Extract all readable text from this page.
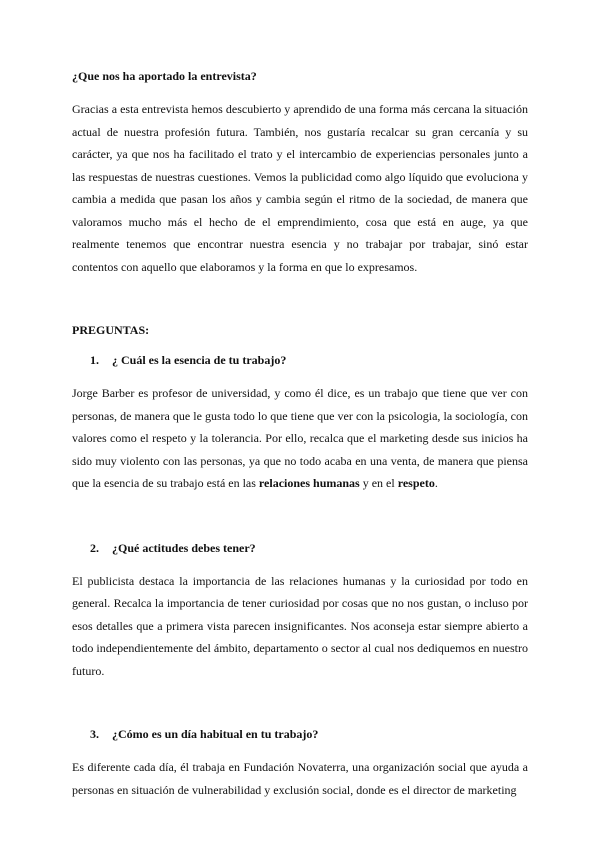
¿Que nos ha aportado la entrevista?

Gracias a esta entrevista hemos descubierto y aprendido de una forma más cercana la situación actual de nuestra profesión futura. También, nos gustaría recalcar su gran cercanía y su carácter, ya que nos ha facilitado el trato y el intercambio de experiencias personales junto a las respuestas de nuestras cuestiones. Vemos la publicidad como algo líquido que evoluciona y cambia a medida que pasan los años y cambia según el ritmo de la sociedad, de manera que valoramos mucho más el hecho de el emprendimiento, cosa que está en auge, ya que realmente tenemos que encontrar nuestra esencia y no trabajar por trabajar, sinó estar contentos con aquello que elaboramos y la forma en que lo expresamos.

PREGUNTAS:
1.	¿ Cuál es la esencia de tu trabajo?

Jorge Barber es profesor de universidad, y como él dice, es un trabajo que tiene que ver con personas, de manera que le gusta todo lo que tiene que ver con la psicologia, la sociología, con valores como el respeto y la tolerancia. Por ello, recalca que el marketing desde sus inicios ha sido muy violento con las personas, ya que no todo acaba en una venta, de manera que piensa que la esencia de su trabajo está en las relaciones humanas y en el respeto.

2.	¿Qué actitudes debes tener?

El publicista destaca la importancia de las relaciones humanas y la curiosidad por todo en general. Recalca la importancia de tener curiosidad por cosas que no nos gustan, o incluso por esos detalles que a primera vista parecen insignificantes. Nos aconseja estar siempre abierto a todo independientemente del ámbito, departamento o sector al cual nos dediquemos en nuestro futuro.

3.	¿Cómo es un día habitual en tu trabajo?

Es diferente cada día, él trabaja en Fundación Novaterra, una organización social que ayuda a personas en situación de vulnerabilidad y exclusión social, donde es el director de marketing
